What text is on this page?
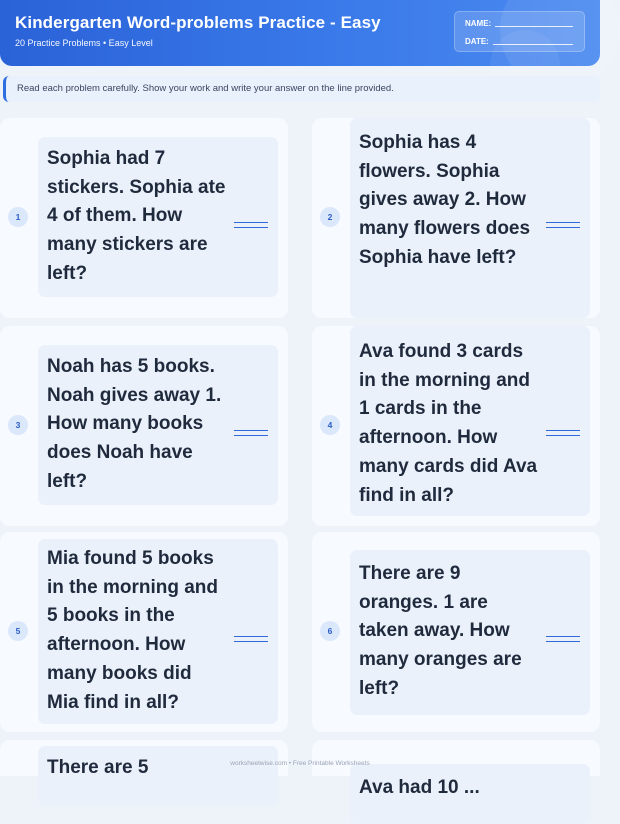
Kindergarten Word-problems Practice - Easy
20 Practice Problems • Easy Level
NAME:
DATE:
Read each problem carefully. Show your work and write your answer on the line provided.
1
Sophia had 7 stickers. Sophia ate 4 of them. How many stickers are left?
2
Sophia has 4 flowers. Sophia gives away 2. How many flowers does Sophia have left?
3
Noah has 5 books. Noah gives away 1. How many books does Noah have left?
4
Ava found 3 cards in the morning and 1 cards in the afternoon. How many cards did Ava find in all?
5
Mia found 5 books in the morning and 5 books in the afternoon. How many books did Mia find in all?
6
There are 9 oranges. 1 are taken away. How many oranges are left?
There are 5
Ava had 10 ...
worksheetwise.com • Free Printable Worksheets
